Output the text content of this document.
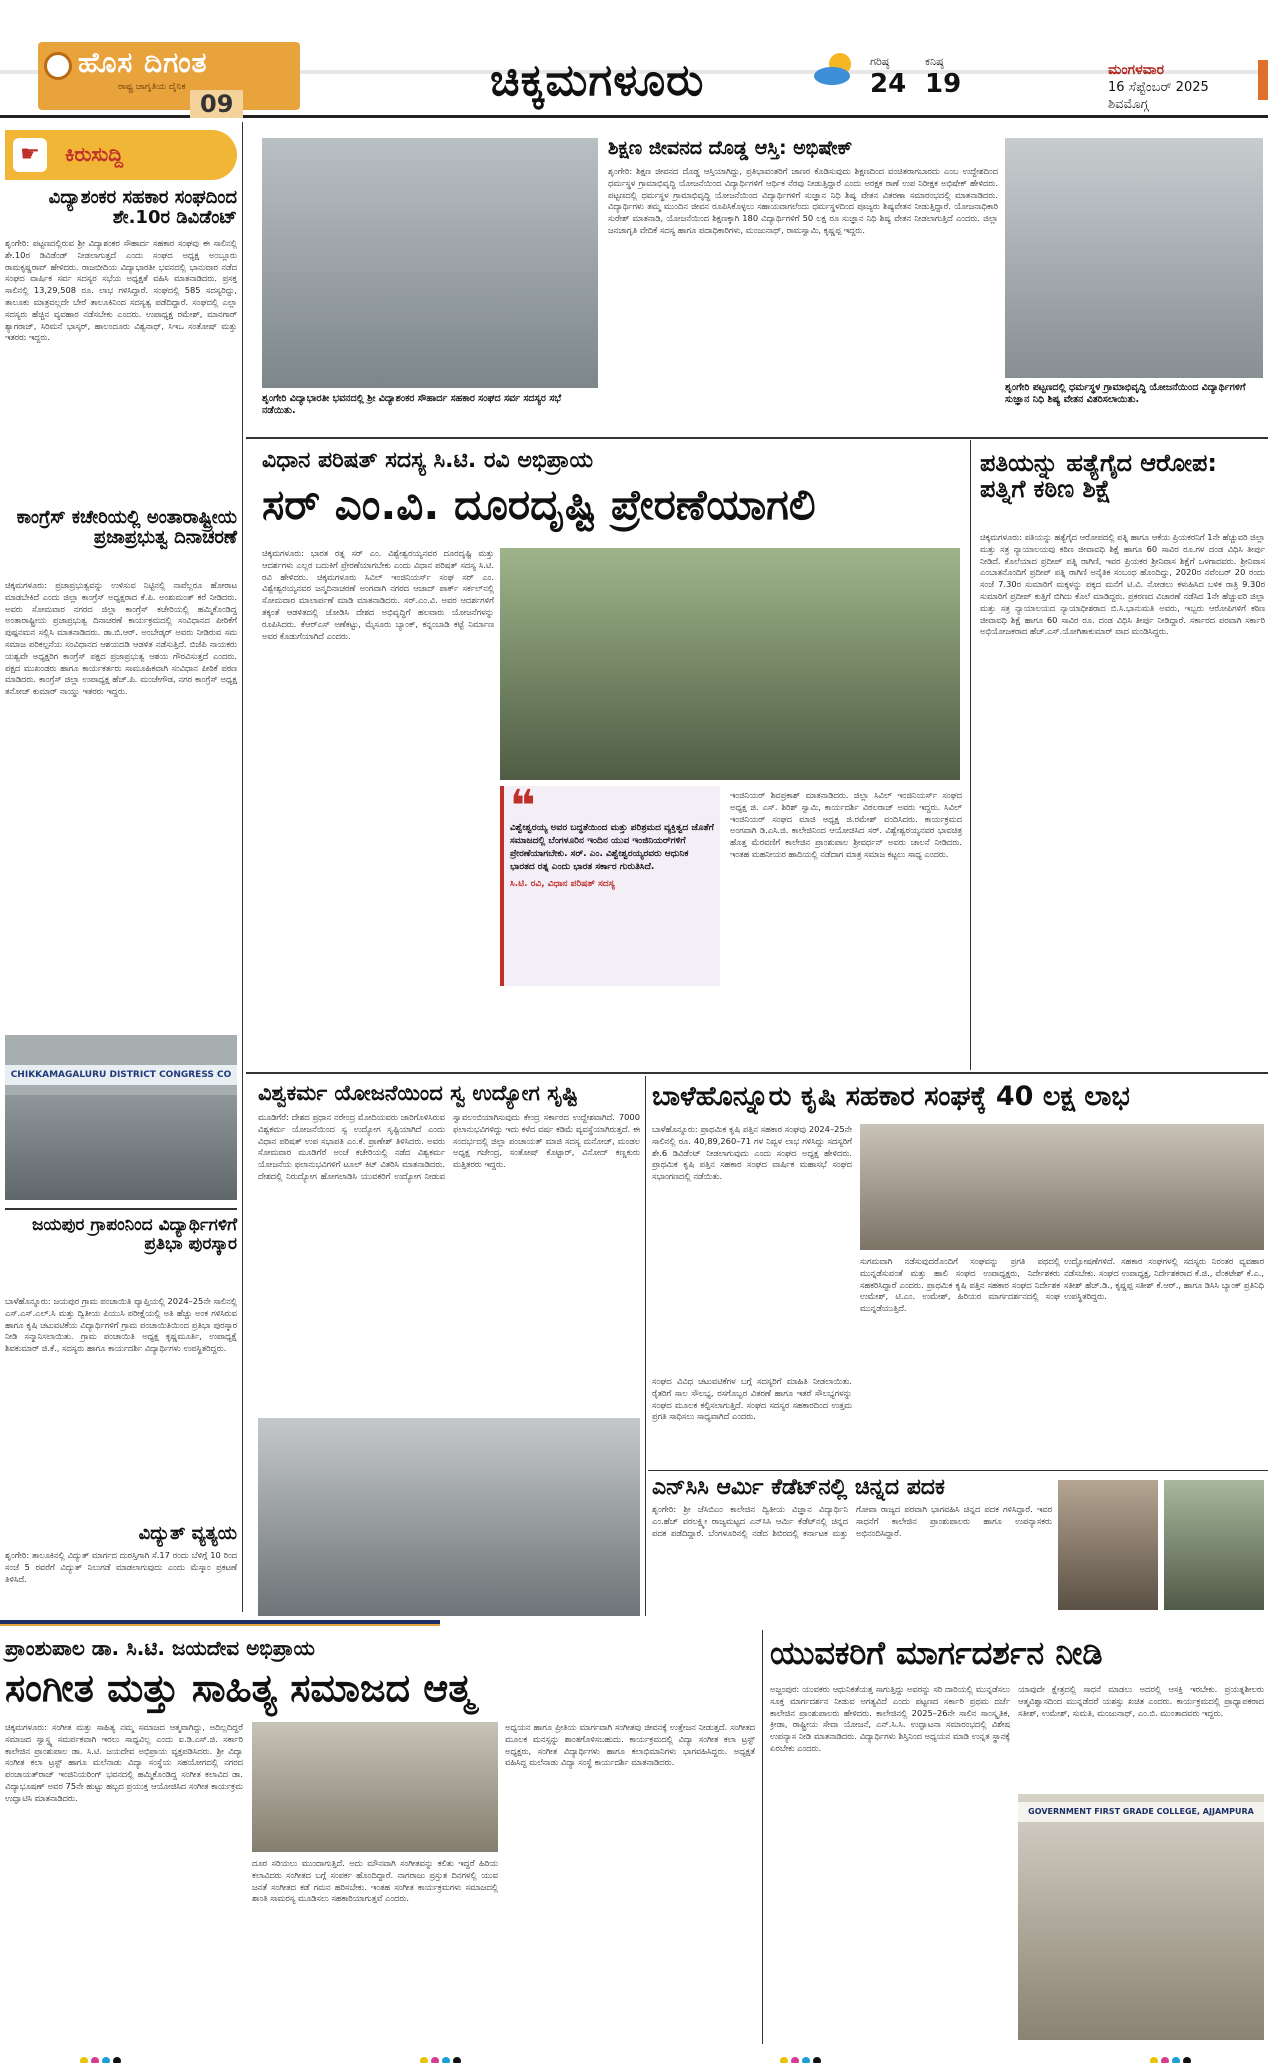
ಹೊಸ ದಿಗಂತ
ರಾಷ್ಟ್ರ ಜಾಗೃತಿಯ ದೈನಿಕ
09	ಚಿಕ್ಕಮಗಳೂರು	ಗರಿಷ್ಠ
24
ಕನಿಷ್ಠ
19	ಮಂಗಳವಾರ
16 ಸೆಪ್ಟೆಂಬರ್ 2025
ಶಿವಮೊಗ್ಗ
☛	ಕಿರುಸುದ್ದಿ
ವಿದ್ಯಾಶಂಕರ ಸಹಕಾರ ಸಂಘದಿಂದ ಶೇ.10ರ ಡಿವಿಡೆಂಟ್
ಶೃಂಗೇರಿ: ಪಟ್ಟಣದಲ್ಲಿರುವ ಶ್ರೀ ವಿದ್ಯಾಶಂಕರ ಸೌಹಾರ್ದ ಸಹಕಾರ ಸಂಘವು ಈ ಸಾಲಿನಲ್ಲಿ ಶೇ.10ರ ಡಿವಿಡೆಂಡ್ ನೀಡಲಾಗುತ್ತದೆ ಎಂದು ಸಂಘದ ಅಧ್ಯಕ್ಷ ಅಂಬ್ಲೂರು ರಾಮಕೃಷ್ಣರಾವ್ ಹೇಳಿದರು. ರಾಜಬೀದಿಯ ವಿದ್ಯಾಭಾರತೀ ಭವನದಲ್ಲಿ ಭಾನುವಾರ ನಡೆದ ಸಂಘದ ವಾರ್ಷಿಕ ಸರ್ವ ಸದಸ್ಯರ ಸಭೆಯ ಅಧ್ಯಕ್ಷತೆ ವಹಿಸಿ ಮಾತನಾಡಿದರು. ಪ್ರಸಕ್ತ ಸಾಲಿನಲ್ಲಿ 13,29,508 ರೂ. ಲಾಭ ಗಳಿಸಿದ್ದಾರೆ. ಸಂಘದಲ್ಲಿ 585 ಸದಸ್ಯರಿದ್ದು, ತಾಲೂಕು ಮಾತ್ರವಲ್ಲದೇ ಬೇರೆ ತಾಲೂಕಿನಿಂದ ಸದಸ್ಯತ್ವ ಪಡೆದಿದ್ದಾರೆ. ಸಂಘದಲ್ಲಿ ಎಲ್ಲಾ ಸದಸ್ಯರು ಹೆಚ್ಚಿನ ವ್ಯವಹಾರ ನಡೆಸಬೇಕು ಎಂದರು. ಉಪಾಧ್ಯಕ್ಷ ರಮೇಶ್, ಮಾನಗಾರ್ ಶ್ಯಾಗರಾಜ್, ಸಿರಿಮನೆ ಭಾಸ್ಕರ್, ಹಾಲಂದೂರು ವಿಶ್ವನಾಥ್, ಸಿಇಒ ಸಂತೋಷ್ ಮತ್ತು ಇತರರು ಇದ್ದರು.
ಕಾಂಗ್ರೆಸ್ ಕಚೇರಿಯಲ್ಲಿ ಅಂತಾರಾಷ್ಟ್ರೀಯ ಪ್ರಜಾಪ್ರಭುತ್ವ ದಿನಾಚರಣೆ
ಚಿಕ್ಕಮಗಳೂರು: ಪ್ರಜಾಪ್ರಭುತ್ವವನ್ನು ಉಳಿಸುವ ನಿಟ್ಟಿನಲ್ಲಿ ನಾವೆಲ್ಲರೂ ಹೋರಾಟ ಮಾಡಬೇಕಿದೆ ಎಂದು ಜಿಲ್ಲಾ ಕಾಂಗ್ರೆಸ್ ಅಧ್ಯಕ್ಷರಾದ ಕೆ.ಪಿ. ಅಂಶುಮಂತ್ ಕರೆ ನೀಡಿದರು. ಅವರು ಸೋಮವಾರ ನಗರದ ಜಿಲ್ಲಾ ಕಾಂಗ್ರೆಸ್ ಕಚೇರಿಯಲ್ಲಿ ಹಮ್ಮಿಕೊಂಡಿದ್ದ ಅಂತಾರಾಷ್ಟ್ರೀಯ ಪ್ರಜಾಪ್ರಭುತ್ವ ದಿನಾಚರಣೆ ಕಾರ್ಯಕ್ರಮದಲ್ಲಿ ಸಂವಿಧಾನದ ಪೀಠಿಕೆಗೆ ಪುಷ್ಪನಮನ ಸಲ್ಲಿಸಿ ಮಾತನಾಡಿದರು. ಡಾ.ಬಿ.ಆರ್. ಅಂಬೇಡ್ಕರ್ ಅವರು ನೀಡಿರುವ ಸಮ ಸಮಾಜ ಪರಿಕಲ್ಪನೆಯ ಸಂವಿಧಾನದ ಆಶಯದಡಿ ಆಡಳಿತ ನಡೆಸುತ್ತಿದೆ. ಬಿಜೆಪಿ ನಾಯಕರು ಯಶ್ವವೇ ಅಧ್ಯಕ್ಷರಿಗ ಕಾಂಗ್ರೆಸ್ ಪಕ್ಷದ ಪ್ರಜಾಪ್ರಭುತ್ವ ಆಶಯ ಗೌರವಿಸುತ್ತದೆ ಎಂದರು. ಪಕ್ಷದ ಮುಖಂಡರು ಹಾಗೂ ಕಾರ್ಯಕರ್ತರು ಸಾಮೂಹಿಕವಾಗಿ ಸಂವಿಧಾನ ಪೀಠಿಕೆ ಪಠಣ ಮಾಡಿದರು. ಕಾಂಗ್ರೆಸ್ ಜಿಲ್ಲಾ ಉಪಾಧ್ಯಕ್ಷ ಹೆಚ್.ಪಿ. ಮಂಜೇಗೌಡ, ನಗರ ಕಾಂಗ್ರೆಸ್ ಅಧ್ಯಕ್ಷ ತನೋಜ್ ಕುಮಾರ್ ನಾಯ್ಡು ಇತರರು ಇದ್ದರು.
CHIKKAMAGALURU DISTRICT CONGRESS CO
ಜಯಪುರ ಗ್ರಾಪಂನಿಂದ ವಿದ್ಯಾರ್ಥಿಗಳಿಗೆ ಪ್ರತಿಭಾ ಪುರಸ್ಕಾರ
ಬಾಳೆಹೊನ್ನೂರು: ಜಯಪುರ ಗ್ರಾಮ ಪಂಚಾಯಿತಿ ವ್ಯಾಪ್ತಿಯಲ್ಲಿ 2024–25ನೇ ಸಾಲಿನಲ್ಲಿ ಎಸ್.ಎಸ್.ಎಲ್.ಸಿ ಮತ್ತು ದ್ವಿತೀಯ ಪಿಯುಸಿ ಪರೀಕ್ಷೆಯಲ್ಲಿ ಅತಿ ಹೆಚ್ಚು ಅಂಕ ಗಳಿಸಿರುವ ಹಾಗೂ ಕೃಷಿ ಚಟುವಟಿಕೆಯ ವಿದ್ಯಾರ್ಥಿಗಳಿಗೆ ಗ್ರಾಮ ಪಂಚಾಯಿತಿಯಿಂದ ಪ್ರತಿಭಾ ಪುರಸ್ಕಾರ ನೀಡಿ ಸನ್ಮಾನಿಸಲಾಯಿತು. ಗ್ರಾಮ ಪಂಚಾಯಿತಿ ಅಧ್ಯಕ್ಷ ಕೃಷ್ಣಮೂರ್ತಿ, ಉಪಾಧ್ಯಕ್ಷೆ ಶಿವಕುಮಾರ್ ಜಿ.ಕೆ., ಸದಸ್ಯರು ಹಾಗೂ ಕಾರ್ಯದರ್ಶಿ ವಿದ್ಯಾರ್ಥಿಗಳು ಉಪಸ್ಥಿತರಿದ್ದರು.
ವಿದ್ಯುತ್ ವ್ಯತ್ಯಯ
ಶೃಂಗೇರಿ: ತಾಲೂಕಿನಲ್ಲಿ ವಿದ್ಯುತ್ ಮಾರ್ಗದ ದುರಸ್ತಿಗಾಗಿ ಸೆ.17 ರಂದು ಬೆಳಿಗ್ಗೆ 10 ರಿಂದ ಸಂಜೆ 5 ರವರೆಗೆ ವಿದ್ಯುತ್ ನಿಲುಗಡೆ ಮಾಡಲಾಗುವುದು ಎಂದು ಮೆಸ್ಕಾಂ ಪ್ರಕಟಣೆ ತಿಳಿಸಿದೆ.
ಶೃಂಗೇರಿ ವಿದ್ಯಾಭಾರತೀ ಭವನದಲ್ಲಿ ಶ್ರೀ ವಿದ್ಯಾಶಂಕರ ಸೌಹಾರ್ದ ಸಹಕಾರ ಸಂಘದ ಸರ್ವ ಸದಸ್ಯರ ಸಭೆ ನಡೆಯಿತು.
ಶಿಕ್ಷಣ ಜೀವನದ ದೊಡ್ಡ ಆಸ್ತಿ: ಅಭಿಷೇಕ್
ಶೃಂಗೇರಿ: ಶಿಕ್ಷಣ ಜೀವನದ ದೊಡ್ಡ ಆಸ್ತಿಯಾಗಿದ್ದು, ಪ್ರತಿಭಾವಂತರಿಗೆ ಜಾಣರ ಕೊಡಿಸುವುದು ಶಿಕ್ಷಣದಿಂದ ವಂಚಿತರಾಗಬಾರದು ಎಂಬ ಉದ್ದೇಶದಿಂದ ಧರ್ಮಸ್ಥಳ ಗ್ರಾಮಾಭಿವೃದ್ಧಿ ಯೋಜನೆಯಿಂದ ವಿದ್ಯಾರ್ಥಿಗಳಿಗೆ ಆರ್ಥಿಕ ನೆರವು ನೀಡುತ್ತಿದ್ದಾರೆ ಎಂದು ಅರಕ್ಷಕ ಠಾಣೆ ಉಪ ನಿರೀಕ್ಷಕ ಅಭಿಷೇಕ್ ಹೇಳಿದರು. ಪಟ್ಟಣದಲ್ಲಿ ಧರ್ಮಸ್ಥಳ ಗ್ರಾಮಾಭಿವೃದ್ಧಿ ಯೋಜನೆಯಿಂದ ವಿದ್ಯಾರ್ಥಿಗಳಿಗೆ ಸುಜ್ಞಾನ ನಿಧಿ ಶಿಷ್ಯ ವೇತನ ವಿತರಣಾ ಸಮಾರಂಭದಲ್ಲಿ ಮಾತನಾಡಿದರು. ವಿದ್ಯಾರ್ಥಿಗಳು ತಮ್ಮ ಮುಂದಿನ ಜೀವನ ರೂಪಿಸಿಕೊಳ್ಳಲು ಸಹಾಯವಾಗಲೆಂದು ಧರ್ಮಸ್ಥಳದಿಂದ ಪೂಜ್ಯರು ಶಿಷ್ಯವೇತನ ನೀಡುತ್ತಿದ್ದಾರೆ. ಯೋಜನಾಧಿಕಾರಿ ಸುರೇಶ್ ಮಾತನಾಡಿ, ಯೋಜನೆಯಿಂದ ಶಿಕ್ಷಣಕ್ಕಾಗಿ 180 ವಿದ್ಯಾರ್ಥಿಗಳಿಗೆ 50 ಲಕ್ಷ ರೂ ಸುಜ್ಞಾನ ನಿಧಿ ಶಿಷ್ಯ ವೇತನ ನೀಡಲಾಗುತ್ತಿದೆ ಎಂದರು. ಜಿಲ್ಲಾ ಜನಜಾಗೃತಿ ವೇದಿಕೆ ಸದಸ್ಯ ಹಾಗೂ ಪದಾಧಿಕಾರಿಗಳು, ಮಂಜುನಾಥ್, ರಾಮಸ್ವಾಮಿ, ಕೃಷ್ಣಪ್ಪ ಇದ್ದರು.
ಶೃಂಗೇರಿ ಪಟ್ಟಣದಲ್ಲಿ ಧರ್ಮಸ್ಥಳ ಗ್ರಾಮಾಭಿವೃದ್ಧಿ ಯೋಜನೆಯಿಂದ ವಿದ್ಯಾರ್ಥಿಗಳಿಗೆ ಸುಜ್ಞಾನ ನಿಧಿ ಶಿಷ್ಯ ವೇತನ ವಿತರಿಸಲಾಯಿತು.
ವಿಧಾನ ಪರಿಷತ್ ಸದಸ್ಯ ಸಿ.ಟಿ. ರವಿ ಅಭಿಪ್ರಾಯ
ಸರ್ ಎಂ.ವಿ. ದೂರದೃಷ್ಟಿ ಪ್ರೇರಣೆಯಾಗಲಿ
ಚಿಕ್ಕಮಗಳೂರು: ಭಾರತ ರತ್ನ ಸರ್ ಎಂ. ವಿಶ್ವೇಶ್ವರಯ್ಯನವರ ದೂರದೃಷ್ಟಿ ಮತ್ತು ಆದರ್ಶಗಳು ಎಲ್ಲರ ಬದುಕಿಗೆ ಪ್ರೇರಣೆಯಾಗಬೇಕು ಎಂದು ವಿಧಾನ ಪರಿಷತ್ ಸದಸ್ಯ ಸಿ.ಟಿ. ರವಿ ಹೇಳಿದರು. ಚಿಕ್ಕಮಗಳೂರು ಸಿವಿಲ್ ಇಂಜಿನಿಯರ್ಸ್ ಸಂಘ ಸರ್ ಎಂ. ವಿಶ್ವೇಶ್ವರಯ್ಯನವರ ಜನ್ಮದಿನಾಚರಣೆ ಅಂಗವಾಗಿ ನಗರದ ಆಜಾದ್ ಪಾರ್ಕ್ ಸರ್ಕಲ್‌ನಲ್ಲಿ ಸೋಮವಾರ ಮಾಲಾರ್ಪಣೆ ಮಾಡಿ ಮಾತನಾಡಿದರು. ಸರ್.ಎಂ.ವಿ. ಅವರ ಆದರ್ಶಗಳಿಗೆ ತಕ್ಕಂತೆ ಆಡಳಿತದಲ್ಲಿ ಜೋಡಿಸಿ ದೇಶದ ಅಭಿವೃದ್ಧಿಗೆ ಹಲವಾರು ಯೋಜನೆಗಳನ್ನು ರೂಪಿಸಿದರು. ಕೆಆರ್‌ಎಸ್ ಅಣೆಕಟ್ಟು, ಮೈಸೂರು ಬ್ಯಾಂಕ್, ಕನ್ನಂಬಾಡಿ ಕಟ್ಟೆ ನಿರ್ಮಾಣ ಅವರ ಕೊಡುಗೆಯಾಗಿದೆ ಎಂದರು.
❝
ವಿಶ್ವೇಶ್ವರಯ್ಯ ಅವರ ಬದ್ಧತೆಯಿಂದ ಮತ್ತು ಪರಿಶ್ರಮದ ವ್ಯಕ್ತಿತ್ವದ ಜೊತೆಗೆ ಸಮಾಜದಲ್ಲಿ ಬೆಂಗಳೂರಿನ ಇಂದಿನ ಯುವ ಇಂಜಿನಿಯರ್‌ಗಳಿಗೆ ಪ್ರೇರಣೆಯಾಗಬೇಕು. ಸರ್. ಎಂ. ವಿಶ್ವೇಶ್ವರಯ್ಯರವರು ಆಧುನಿಕ ಭಾರತದ ರತ್ನ ಎಂದು ಭಾರತ ಸರ್ಕಾರ ಗುರುತಿಸಿದೆ.
ಸಿ.ಟಿ. ರವಿ, ವಿಧಾನ ಪರಿಷತ್ ಸದಸ್ಯ
ಇಂಜಿನಿಯರ್ ಶಿವಪ್ರಕಾಶ್ ಮಾತನಾಡಿದರು. ಜಿಲ್ಲಾ ಸಿವಿಲ್ ಇಂಜಿನಿಯರ್ಸ್ ಸಂಘದ ಅಧ್ಯಕ್ಷ ಜಿ. ಎಸ್. ಶಿರಿಶ್ ಸ್ವಾಮಿ, ಕಾರ್ಯದರ್ಶಿ ವಿಠಲರಾಜ್ ಅವರು ಇದ್ದರು. ಸಿವಿಲ್ ಇಂಜಿನಿಯರ್ ಸಂಘದ ಮಾಜಿ ಅಧ್ಯಕ್ಷ ಜಿ.ರಮೇಶ್ ವಂದಿಸಿದರು. ಕಾರ್ಯಕ್ರಮದ ಅಂಗವಾಗಿ ಡಿ.ಎಸಿ.ಜಿ. ಕಾಲೇಜಿನಿಂದ ಆಯೋಜಿಸಿದ ಸರ್. ವಿಶ್ವೇಶ್ವರಯ್ಯನವರ ಭಾವಚಿತ್ರ ಹೊತ್ತ ಮೆರವಣಿಗೆ ಕಾಲೇಜಿನ ಪ್ರಾಂಶುಪಾಲ ಶ್ರೀವರ್ಧನ್ ಅವರು ಚಾಲನೆ ನೀಡಿದರು. ಇಂತಹ ಮಹನೀಯರ ಹಾದಿಯಲ್ಲಿ ನಡೆದಾಗ ಮಾತ್ರ ಸಮಾಜ ಕಟ್ಟಲು ಸಾಧ್ಯ ಎಂದರು.
ಪತಿಯನ್ನು ಹತ್ಯೆಗೈದ ಆರೋಪ: ಪತ್ನಿಗೆ ಕಠಿಣ ಶಿಕ್ಷೆ
ಚಿಕ್ಕಮಗಳೂರು: ಪತಿಯನ್ನು ಹತ್ಯೆಗೈದ ಆರೋಪದಲ್ಲಿ ಪತ್ನಿ ಹಾಗೂ ಆಕೆಯ ಪ್ರಿಯಕರನಿಗೆ 1ನೇ ಹೆಚ್ಚುವರಿ ಜಿಲ್ಲಾ ಮತ್ತು ಸತ್ರ ನ್ಯಾಯಾಲಯವು ಕಠಿಣ ಜೀವಾವಧಿ ಶಿಕ್ಷೆ ಹಾಗೂ 60 ಸಾವಿರ ರೂ.ಗಳ ದಂಡ ವಿಧಿಸಿ ತೀರ್ಪು ನೀಡಿದೆ. ಕೊಲೆಯಾದ ಪ್ರದೀಪ್ ಪತ್ನಿ ರಾಗಿಣಿ, ಇವರ ಪ್ರಿಯಕರ ಶ್ರೀನಿವಾಸ ಶಿಕ್ಷೆಗೆ ಒಳಗಾದವರು. ಶ್ರೀನಿವಾಸ ಎಂಬಾತನೊಂದಿಗೆ ಪ್ರದೀಪ್ ಪತ್ನಿ ರಾಗಿಣಿ ಅನೈತಿಕ ಸಂಬಂಧ ಹೊಂದಿದ್ದು, 2020ರ ನವೆಂಬರ್ 20 ರಂದು ಸಂಜೆ 7.30ರ ಸುಮಾರಿಗೆ ಮಕ್ಕಳನ್ನು ಪಕ್ಕದ ಮನೆಗೆ ಟಿ.ವಿ. ನೋಡಲು ಕಳುಹಿಸಿದ ಬಳಿಕ ರಾತ್ರಿ 9.30ರ ಸುಮಾರಿಗೆ ಪ್ರದೀಪ್ ಕುತ್ತಿಗೆ ಬಿಗಿದು ಕೊಲೆ ಮಾಡಿದ್ದರು. ಪ್ರಕರಣದ ವಿಚಾರಣೆ ನಡೆಸಿದ 1ನೇ ಹೆಚ್ಚುವರಿ ಜಿಲ್ಲಾ ಮತ್ತು ಸತ್ರ ನ್ಯಾಯಾಲಯದ ನ್ಯಾಯಾಧೀಶರಾದ ಬಿ.ಸಿ.ಭಾನುಮತಿ ಅವರು, ಇಬ್ಬರು ಆರೋಪಿಗಳಿಗೆ ಕಠಿಣ ಜೀವಾವಧಿ ಶಿಕ್ಷೆ ಹಾಗೂ 60 ಸಾವಿರ ರೂ. ದಂಡ ವಿಧಿಸಿ ತೀರ್ಪು ನೀಡಿದ್ದಾರೆ. ಸರ್ಕಾರದ ಪರವಾಗಿ ಸರ್ಕಾರಿ ಅಭಿಯೋಜಕರಾದ ಹೆಚ್.ಎಸ್.ಯೋಗಿತಾಕುಮಾರ್ ವಾದ ಮಂಡಿಸಿದ್ದರು.
ವಿಶ್ವಕರ್ಮ ಯೋಜನೆಯಿಂದ ಸ್ವ ಉದ್ಯೋಗ ಸೃಷ್ಟಿ
ಮೂಡಿಗೆರೆ: ದೇಶದ ಪ್ರಧಾನ ನರೇಂದ್ರ ಮೋದಿಯವರು ಜಾರಿಗೊಳಿಸಿರುವ ವಿಶ್ವಕರ್ಮ ಯೋಜನೆಯಿಂದ ಸ್ವ ಉದ್ಯೋಗ ಸೃಷ್ಟಿಯಾಗಿದೆ ಎಂದು ವಿಧಾನ ಪರಿಷತ್ ಉಪ ಸಭಾಪತಿ ಎಂ.ಕೆ. ಪ್ರಾಣೇಶ್ ತಿಳಿಸಿದರು. ಅವರು ಸೋಮವಾರ ಮೂಡಿಗೆರೆ ಅಂಚೆ ಕಚೇರಿಯಲ್ಲಿ ನಡೆದ ವಿಶ್ವಕರ್ಮ ಯೋಜನೆಯ ಫಲಾನುಭವಿಗಳಿಗೆ ಟೂಲ್ ಕಿಟ್ ವಿತರಿಸಿ ಮಾತನಾಡಿದರು. ದೇಶದಲ್ಲಿ ನಿರುದ್ಯೋಗ ಹೋಗಲಾಡಿಸಿ ಯುವಕರಿಗೆ ಉದ್ಯೋಗ ನೀಡುವ ಸ್ವಾವಲಂಬಿಯಾಗಿಸುವುದು ಕೇಂದ್ರ ಸರ್ಕಾರದ ಉದ್ದೇಶವಾಗಿದೆ. 7000 ಫಲಾನುಭವಿಗಳಿದ್ದು ಇದು ಕಳೆದ ವರ್ಷ ಕಡಿಮೆ ವ್ಯವಸ್ಥೆಯಾಗಿರುತ್ತದೆ. ಈ ಸಂದರ್ಭದಲ್ಲಿ ಜಿಲ್ಲಾ ಪಂಚಾಯತ್ ಮಾಜಿ ಸದಸ್ಯ ಮನೋಜ್, ಮಂಡಲ ಅಧ್ಯಕ್ಷ ಗಜೇಂದ್ರ, ಸಂತೋಷ್ ಕೊಟ್ಟಾರ್, ವಿನೋದ್ ಕಣ್ಣಕುರು ಮತ್ತಿತರರು ಇದ್ದರು.
ಬಾಳೆಹೊನ್ನೂರು ಕೃಷಿ ಸಹಕಾರ ಸಂಘಕ್ಕೆ 40 ಲಕ್ಷ ಲಾಭ
ಬಾಳೆಹೊನ್ನೂರು: ಪ್ರಾಥಮಿಕ ಕೃಷಿ ಪತ್ತಿನ ಸಹಕಾರ ಸಂಘವು 2024–25ನೇ ಸಾಲಿನಲ್ಲಿ ರೂ. 40,89,260–71 ಗಳ ನಿವ್ವಳ ಲಾಭ ಗಳಿಸಿದ್ದು ಸದಸ್ಯರಿಗೆ ಶೇ.6 ಡಿವಿಡೆಂಟ್ ನೀಡಲಾಗುವುದು ಎಂದು ಸಂಘದ ಅಧ್ಯಕ್ಷ ಹೇಳಿದರು. ಪ್ರಾಥಮಿಕ ಕೃಷಿ ಪತ್ತಿನ ಸಹಕಾರ ಸಂಘದ ವಾರ್ಷಿಕ ಮಹಾಸಭೆ ಸಂಘದ ಸಭಾಂಗಣದಲ್ಲಿ ನಡೆಯಿತು.
ಸಂಘದ ವಿವಿಧ ಚಟುವಟಿಕೆಗಳ ಬಗ್ಗೆ ಸದಸ್ಯರಿಗೆ ಮಾಹಿತಿ ನೀಡಲಾಯಿತು. ರೈತರಿಗೆ ಸಾಲ ಸೌಲಭ್ಯ, ರಸಗೊಬ್ಬರ ವಿತರಣೆ ಹಾಗೂ ಇತರೆ ಸೌಲಭ್ಯಗಳನ್ನು ಸಂಘದ ಮೂಲಕ ಕಲ್ಪಿಸಲಾಗುತ್ತಿದೆ. ಸಂಘದ ಸದಸ್ಯರ ಸಹಕಾರದಿಂದ ಉತ್ತಮ ಪ್ರಗತಿ ಸಾಧಿಸಲು ಸಾಧ್ಯವಾಗಿದೆ ಎಂದರು.
ಸುಗಮವಾಗಿ ನಡೆಸುವುದರೊಂದಿಗೆ ಸಂಘವನ್ನು ಪ್ರಗತಿ ಪಥದಲ್ಲಿ ಮುನ್ನಡೆಸುವಂತೆ ಮತ್ತು ಹಾಲಿ ಸಂಘದ ಉಪಾಧ್ಯಕ್ಷರು, ನಿರ್ದೇಶಕರು ಸಹಕರಿಸಿದ್ದಾರೆ ಎಂದರು. ಪ್ರಾಥಮಿಕ ಕೃಷಿ ಪತ್ತಿನ ಸಹಕಾರ ಸಂಘದ ನಿರ್ದೇಶಕ ಉಮೇಶ್, ಟಿ.ಎಂ. ಉಮೇಶ್, ಹಿರಿಯರ ಮಾರ್ಗದರ್ಶನದಲ್ಲಿ ಸಂಘ ಮುನ್ನಡೆಯುತ್ತಿದೆ.
ಉದ್ಘೋಷಣೆಗಳಿದೆ. ಸಹಕಾರ ಸಂಘಗಳಲ್ಲಿ ಸದಸ್ಯರು ನಿರಂತರ ವ್ಯವಹಾರ ನಡೆಸಬೇಕು. ಸಂಘದ ಉಪಾಧ್ಯಕ್ಷ, ನಿರ್ದೇಶಕರಾದ ಕೆ.ಜಿ., ವೆಂಕಟೇಶ್ ಕೆ.ಎ., ಸತೀಶ್ ಹೆಚ್.ಡಿ., ಕೃಷ್ಣಪ್ಪ ಸತೀಶ್ ಕೆ.ಆರ್., ಹಾಗೂ ಡಿಸಿಸಿ ಬ್ಯಾಂಕ್ ಪ್ರತಿನಿಧಿ ಉಪಸ್ಥಿತರಿದ್ದರು.
ಎನ್‌ಸಿಸಿ ಆರ್ಮಿ ಕೆಡೆಟ್‌ನಲ್ಲಿ ಚಿನ್ನದ ಪದಕ
ಶೃಂಗೇರಿ: ಶ್ರೀ ಜೆಸಿಬಿಎಂ ಕಾಲೇಜಿನ ದ್ವಿತೀಯ ವಿಜ್ಞಾನ ವಿದ್ಯಾರ್ಥಿನಿ ಎಂ.ಹೆಚ್ ವರಲಕ್ಷ್ಮೀ ರಾಜ್ಯಮಟ್ಟದ ಎನ್‌ಸಿಸಿ ಆರ್ಮಿ ಕೆಡೆಟ್‌ನಲ್ಲಿ ಚಿನ್ನದ ಪದಕ ಪಡೆದಿದ್ದಾರೆ. ಬೆಂಗಳೂರಿನಲ್ಲಿ ನಡೆದ ಶಿಬಿರದಲ್ಲಿ ಕರ್ನಾಟಕ ಮತ್ತು ಗೋವಾ ರಾಜ್ಯದ ಪರವಾಗಿ ಭಾಗವಹಿಸಿ ಚಿನ್ನದ ಪದಕ ಗಳಿಸಿದ್ದಾರೆ. ಇವರ ಸಾಧನೆಗೆ ಕಾಲೇಜಿನ ಪ್ರಾಂಶುಪಾಲರು ಹಾಗೂ ಉಪನ್ಯಾಸಕರು ಅಭಿನಂದಿಸಿದ್ದಾರೆ.
ಪ್ರಾಂಶುಪಾಲ ಡಾ. ಸಿ.ಟಿ. ಜಯದೇವ ಅಭಿಪ್ರಾಯ
ಸಂಗೀತ ಮತ್ತು ಸಾಹಿತ್ಯ ಸಮಾಜದ ಆತ್ಮ
ಚಿಕ್ಕಮಗಳೂರು: ಸಂಗೀತ ಮತ್ತು ಸಾಹಿತ್ಯ ನಮ್ಮ ಸಮಾಜದ ಆತ್ಮವಾಗಿದ್ದು, ಅದಿಲ್ಲದಿದ್ದರೆ ಸಮಾಜದ ಸ್ವಾಸ್ಥ್ಯ ಸಮರ್ಪಕವಾಗಿ ಇರಲು ಸಾಧ್ಯವಿಲ್ಲ ಎಂದು ಐ.ಡಿ.ಎಸ್.ಜಿ. ಸರ್ಕಾರಿ ಕಾಲೇಜಿನ ಪ್ರಾಂಶುಪಾಲ ಡಾ. ಸಿ.ಟಿ. ಜಯದೇವ ಅಭಿಪ್ರಾಯ ವ್ಯಕ್ತಪಡಿಸಿದರು. ಶ್ರೀ ವಿದ್ಯಾ ಸಂಗೀತ ಕಲಾ ಟ್ರಸ್ಟ್ ಹಾಗೂ ಮಲೆನಾಡು ವಿದ್ಯಾ ಸಂಸ್ಥೆಯ ಸಹಯೋಗದಲ್ಲಿ ನಗರದ ಪಂಚಾಯತ್‌ರಾಜ್ ಇಂಜಿನಿಯರಿಂಗ್ ಭವನದಲ್ಲಿ ಹಮ್ಮಿಕೊಂಡಿದ್ದ ಸಂಗೀತ ಕಲಾವಿದ ಡಾ. ವಿದ್ಯಾಭೂಷಣ್ ಅವರ 75ನೇ ಹುಟ್ಟು ಹಬ್ಬದ ಪ್ರಯುಕ್ತ ಆಯೋಜಿಸಿದ ಸಂಗೀತ ಕಾರ್ಯಕ್ರಮ ಉದ್ಘಾಟಿಸಿ ಮಾತನಾಡಿದರು.
ದೂರ ಸರಿಯಲು ಮುಂದಾಗುತ್ತಿದೆ. ಅದು ಮೌನವಾಗಿ ಸಂಗೀತವನ್ನು ಕಲಿತು ಇದ್ದರೆ ಹಿರಿಯ ಕಲಾವಿದರು ಸಂಗೀತದ ಬಗ್ಗೆ ಸಂಪರ್ಕ ಹೊಂದಿದ್ದಾರೆ. ನಾಗರಾಜು ಪ್ರಸ್ತುತ ದಿನಗಳಲ್ಲಿ ಯುವ ಜನತೆ ಸಂಗೀತದ ಕಡೆ ಗಮನ ಹರಿಸಬೇಕು. ಇಂತಹ ಸಂಗೀತ ಕಾರ್ಯಕ್ರಮಗಳು ಸಮಾಜದಲ್ಲಿ ಶಾಂತಿ ಸಾಮರಸ್ಯ ಮೂಡಿಸಲು ಸಹಕಾರಿಯಾಗುತ್ತವೆ ಎಂದರು.
ಅಧ್ಯಯನ ಹಾಗೂ ಪ್ರೀತಿಯ ಮಾರ್ಗವಾಗಿ ಸಂಗೀತವು ಜೀವನಕ್ಕೆ ಉತ್ತೇಜನ ನೀಡುತ್ತದೆ. ಸಂಗೀತದ ಮೂಲಕ ಮನಸ್ಸನ್ನು ಶಾಂತಗೊಳಿಸಬಹುದು. ಕಾರ್ಯಕ್ರಮದಲ್ಲಿ ವಿದ್ಯಾ ಸಂಗೀತ ಕಲಾ ಟ್ರಸ್ಟ್ ಅಧ್ಯಕ್ಷರು, ಸಂಗೀತ ವಿದ್ಯಾರ್ಥಿಗಳು ಹಾಗೂ ಕಲಾಭಿಮಾನಿಗಳು ಭಾಗವಹಿಸಿದ್ದರು. ಅಧ್ಯಕ್ಷತೆ ವಹಿಸಿದ್ದ ಮಲೆನಾಡು ವಿದ್ಯಾ ಸಂಸ್ಥೆ ಕಾರ್ಯದರ್ಶಿ ಮಾತನಾಡಿದರು.
ಯುವಕರಿಗೆ ಮಾರ್ಗದರ್ಶನ ನೀಡಿ
ಅಜ್ಜಂಪುರ: ಯುವಕರು ಆಧುನಿಕತೆಯತ್ತ ಸಾಗುತ್ತಿದ್ದು ಅವರನ್ನು ಸರಿ ದಾರಿಯಲ್ಲಿ ಮುನ್ನಡೆಸಲು ಸೂಕ್ತ ಮಾರ್ಗದರ್ಶನ ನೀಡುವ ಅಗತ್ಯವಿದೆ ಎಂದು ಪಟ್ಟಣದ ಸರ್ಕಾರಿ ಪ್ರಥಮ ದರ್ಜೆ ಕಾಲೇಜಿನ ಪ್ರಾಂಶುಪಾಲರು ಹೇಳಿದರು. ಕಾಲೇಜಿನಲ್ಲಿ 2025–26ನೇ ಸಾಲಿನ ಸಾಂಸ್ಕೃತಿಕ, ಕ್ರೀಡಾ, ರಾಷ್ಟ್ರೀಯ ಸೇವಾ ಯೋಜನೆ, ಎನ್.ಸಿ.ಸಿ. ಉದ್ಘಾಟನಾ ಸಮಾರಂಭದಲ್ಲಿ ವಿಶೇಷ ಉಪನ್ಯಾಸ ನೀಡಿ ಮಾತನಾಡಿದರು. ವಿದ್ಯಾರ್ಥಿಗಳು ಶಿಸ್ತಿನಿಂದ ಅಧ್ಯಯನ ಮಾಡಿ ಉನ್ನತ ಸ್ಥಾನಕ್ಕೆ ಏರಬೇಕು ಎಂದರು.
ಯಾವುದೇ ಕ್ಷೇತ್ರದಲ್ಲಿ ಸಾಧನೆ ಮಾಡಲು ಅದರಲ್ಲಿ ಆಸಕ್ತಿ ಇರಬೇಕು. ಪ್ರಯತ್ನಶೀಲರು ಆತ್ಮವಿಶ್ವಾಸದಿಂದ ಮುನ್ನಡೆದರೆ ಯಶಸ್ಸು ಖಚಿತ ಎಂದರು. ಕಾರ್ಯಕ್ರಮದಲ್ಲಿ ಪ್ರಾಧ್ಯಾಪಕರಾದ ಸತೀಶ್, ಉಮೇಶ್, ಸುಮತಿ, ಮಂಜುನಾಥ್, ಎಂ.ಬಿ. ಮುಂತಾದವರು ಇದ್ದರು.
GOVERNMENT FIRST GRADE COLLEGE, AJJAMPURA
